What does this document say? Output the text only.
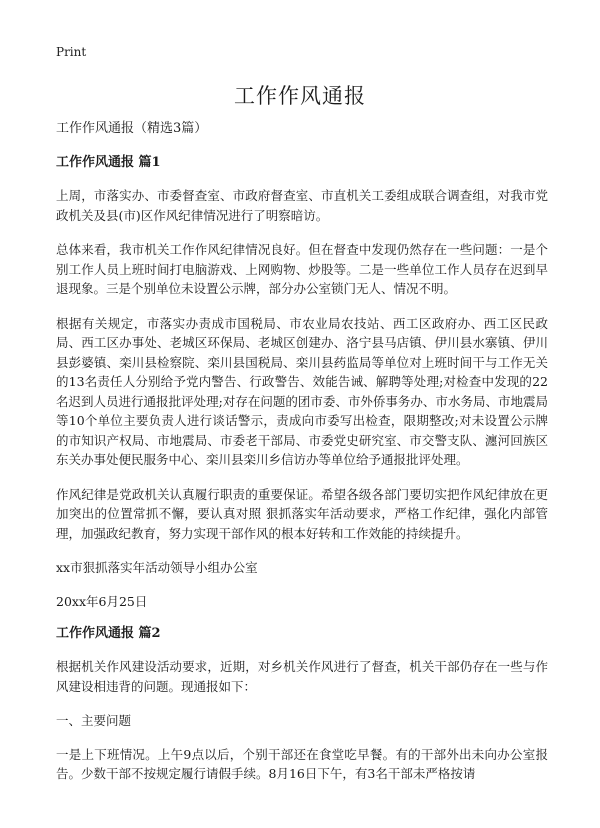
Print
工作作风通报

工作作风通报（精选3篇）

工作作风通报 篇1

上周，市落实办、市委督查室、市政府督查室、市直机关工委组成联合调查组，对我市党政机关及县(市)区作风纪律情况进行了明察暗访。

总体来看，我市机关工作作风纪律情况良好。但在督查中发现仍然存在一些问题：一是个别工作人员上班时间打电脑游戏、上网购物、炒股等。二是一些单位工作人员存在迟到早退现象。三是个别单位未设置公示牌，部分办公室锁门无人、情况不明。

根据有关规定，市落实办责成市国税局、市农业局农技站、西工区政府办、西工区民政局、西工区办事处、老城区环保局、老城区创建办、洛宁县马店镇、伊川县水寨镇、伊川县彭婆镇、栾川县检察院、栾川县国税局、栾川县药监局等单位对上班时间干与工作无关的13名责任人分别给予党内警告、行政警告、效能告诫、解聘等处理;对检查中发现的22名迟到人员进行通报批评处理;对存在问题的团市委、市外侨事务办、市水务局、市地震局等10个单位主要负责人进行谈话警示，责成向市委写出检查，限期整改;对未设置公示牌的市知识产权局、市地震局、市委老干部局、市委党史研究室、市交警支队、瀍河回族区东关办事处便民服务中心、栾川县栾川乡信访办等单位给予通报批评处理。

作风纪律是党政机关认真履行职责的重要保证。希望各级各部门要切实把作风纪律放在更加突出的位置常抓不懈，要认真对照 狠抓落实年活动要求，严格工作纪律，强化内部管理，加强政纪教育，努力实现干部作风的根本好转和工作效能的持续提升。

xx市狠抓落实年活动领导小组办公室

20xx年6月25日

工作作风通报 篇2

根据机关作风建设活动要求，近期，对乡机关作风进行了督查，机关干部仍存在一些与作风建设相违背的问题。现通报如下：

一、主要问题

一是上下班情况。上午9点以后，个别干部还在食堂吃早餐。有的干部外出未向办公室报告。少数干部不按规定履行请假手续。8月16日下午，有3名干部未严格按请
